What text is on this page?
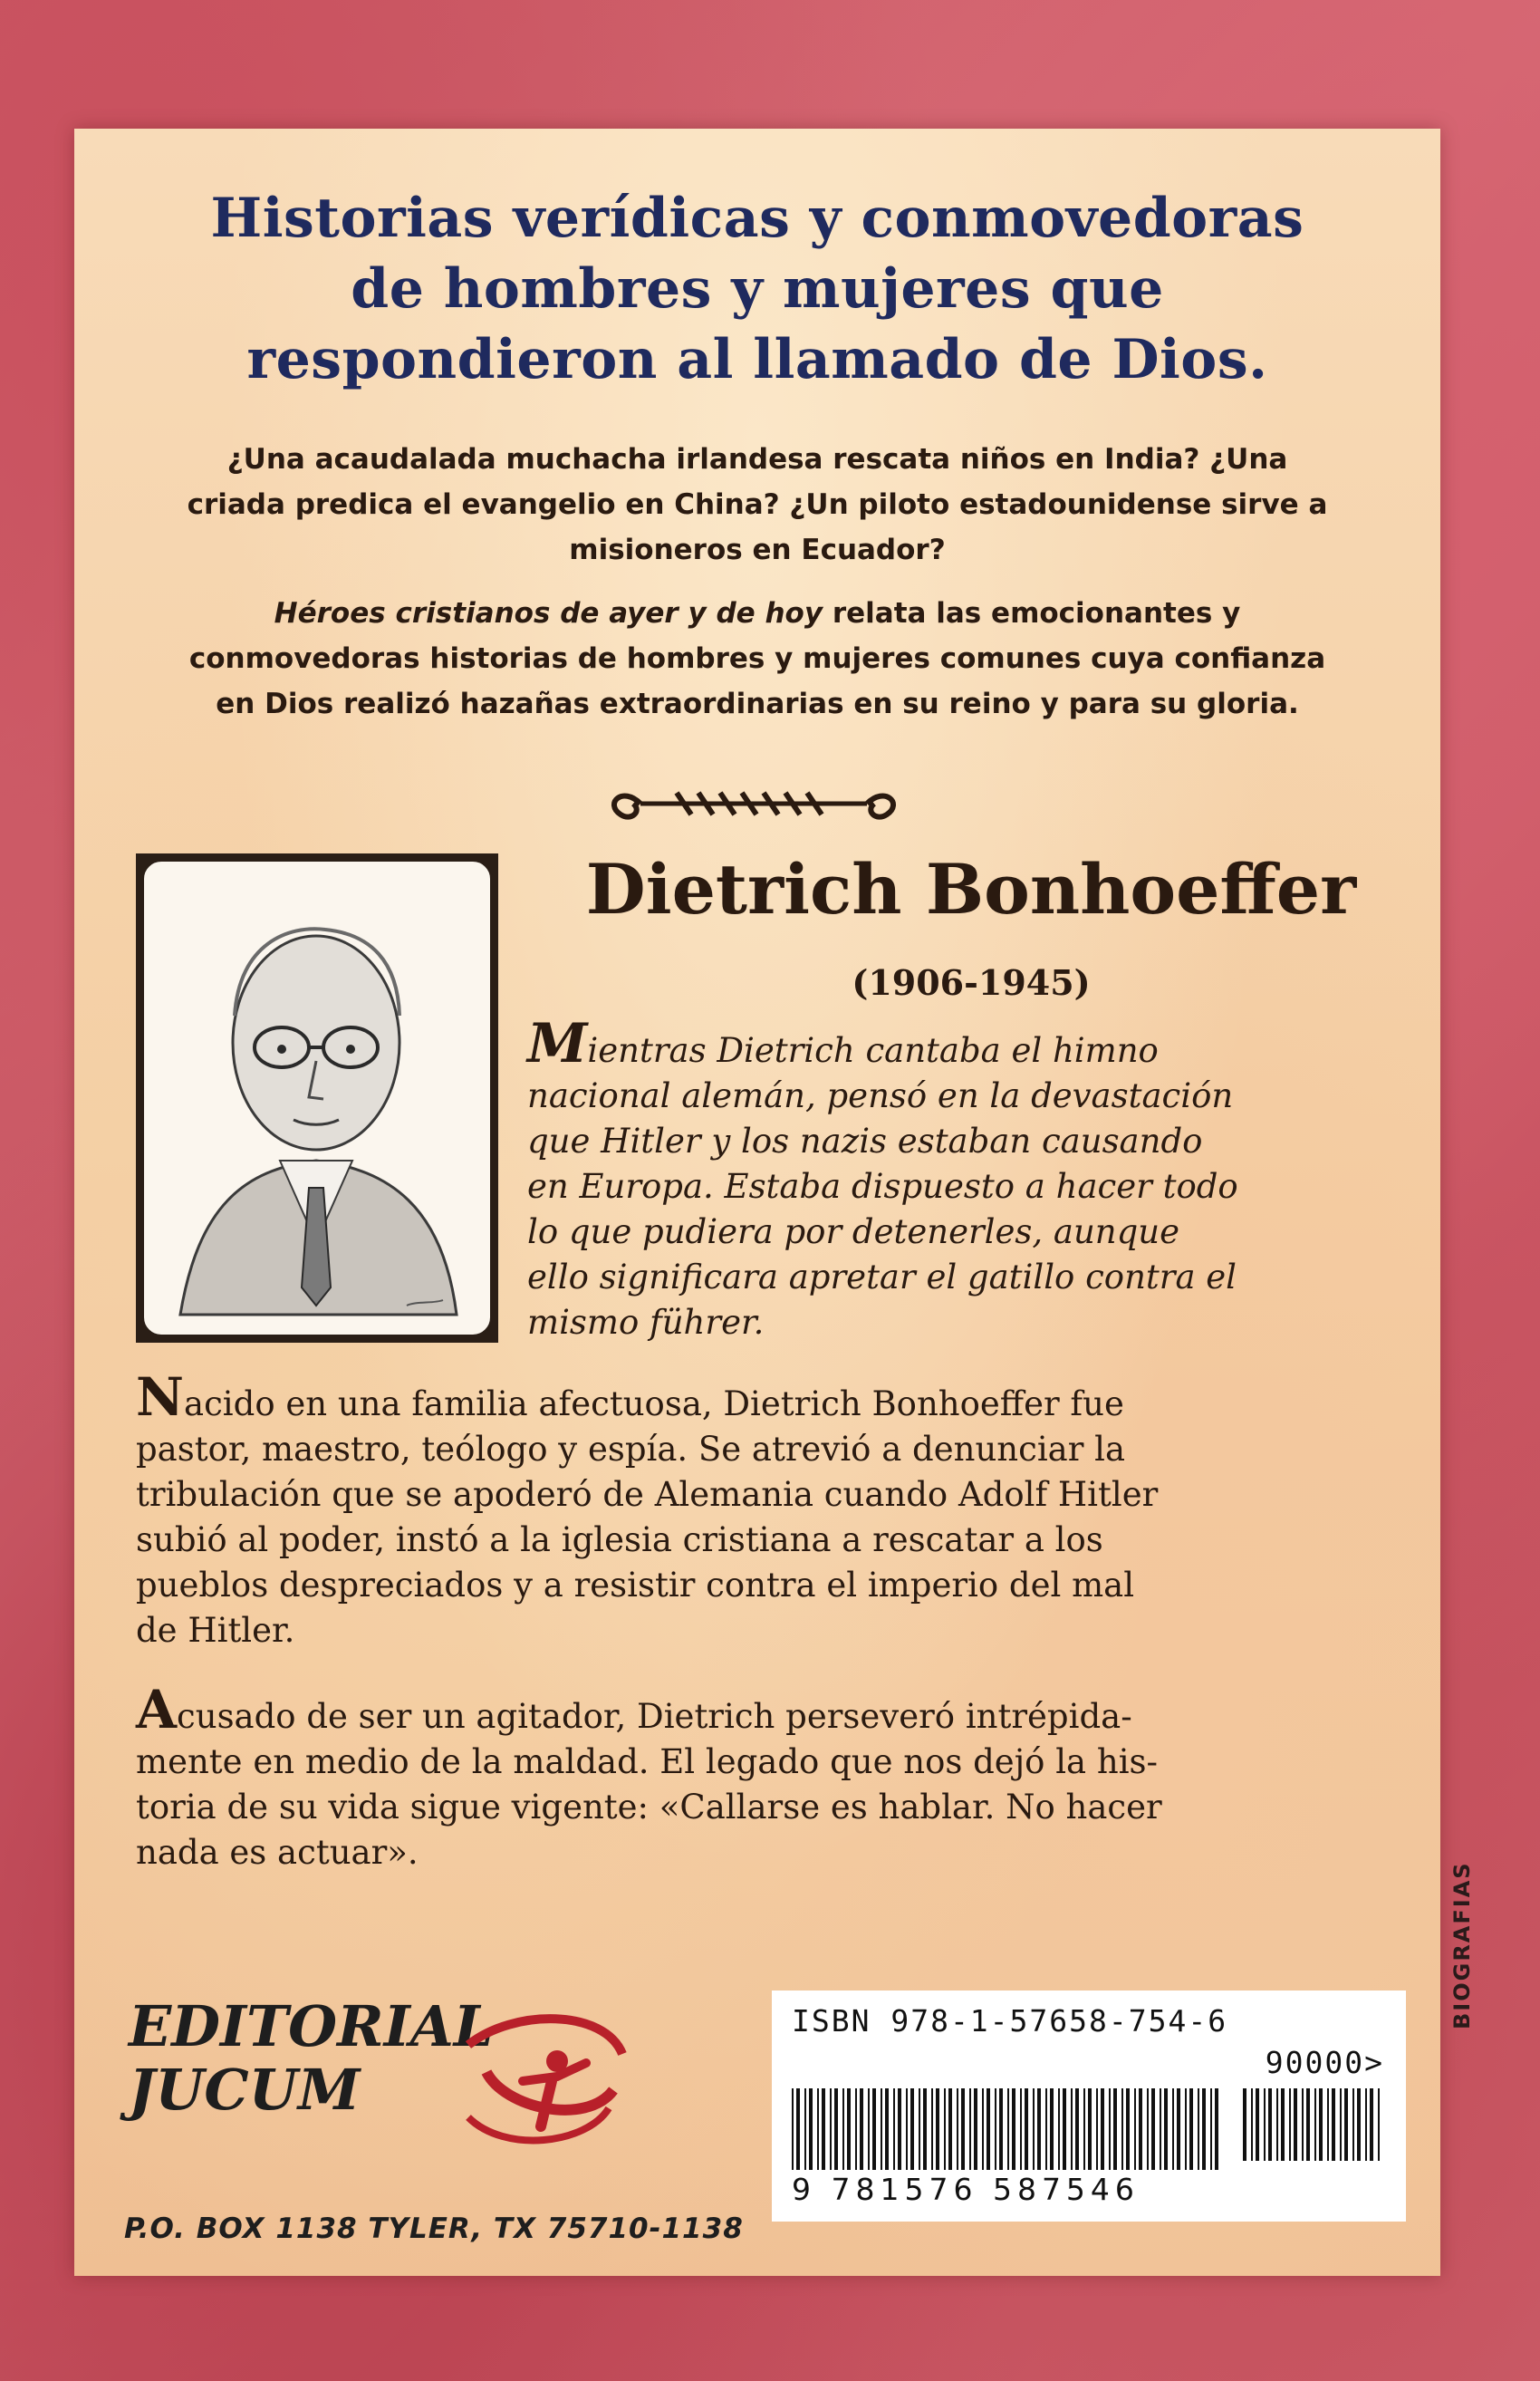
Historias verídicas y conmovedoras
de hombres y mujeres que
respondieron al llamado de Dios.
¿Una acaudalada muchacha irlandesa rescata niños en India? ¿Una
criada predica el evangelio en China? ¿Un piloto estadounidense sirve a
misioneros en Ecuador?
Héroes cristianos de ayer y de hoy relata las emocionantes y
conmovedoras historias de hombres y mujeres comunes cuya confianza
en Dios realizó hazañas extraordinarias en su reino y para su gloria.
Dietrich Bonhoeffer
(1906-1945)
Mientras Dietrich cantaba el himno
nacional alemán, pensó en la devastación
que Hitler y los nazis estaban causando
en Europa. Estaba dispuesto a hacer todo
lo que pudiera por detenerles, aunque
ello significara apretar el gatillo contra el
mismo führer.
Nacido en una familia afectuosa, Dietrich Bonhoeffer fue
pastor, maestro, teólogo y espía. Se atrevió a denunciar la
tribulación que se apoderó de Alemania cuando Adolf Hitler
subió al poder, instó a la iglesia cristiana a rescatar a los
pueblos despreciados y a resistir contra el imperio del mal
de Hitler.
Acusado de ser un agitador, Dietrich perseveró intrépida-
mente en medio de la maldad. El legado que nos dejó la his-
toria de su vida sigue vigente: «Callarse es hablar. No hacer
nada es actuar».
EDITORIAL
JUCUM
P.O. BOX 1138 TYLER, TX 75710-1138
ISBN 978-1-57658-754-6
90000>
9 781576 587546
BIOGRAFIAS
